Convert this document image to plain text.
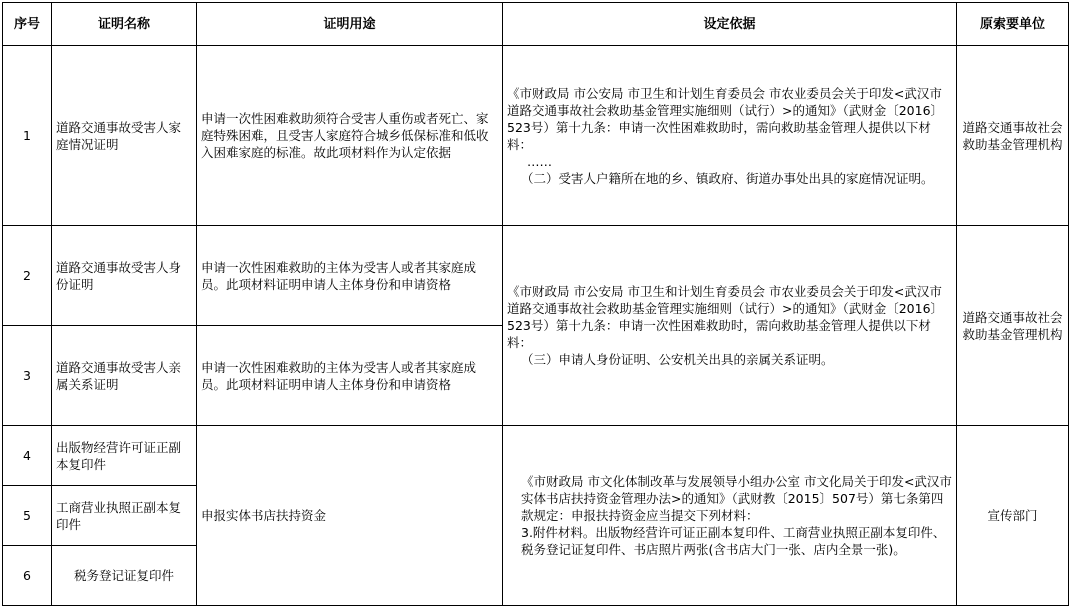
序号	证明名称	证明用途	设定依据	原索要单位
1	道路交通事故受害人家庭情况证明	申请一次性困难救助须符合受害人重伤或者死亡、家庭特殊困难，且受害人家庭符合城乡低保标准和低收入困难家庭的标准。故此项材料作为认定依据	《市财政局 市公安局 市卫生和计划生育委员会 市农业委员会关于印发<武汉市道路交通事故社会救助基金管理实施细则（试行）>的通知》（武财金〔2016〕523号）第十九条：申请一次性困难救助时，需向救助基金管理人提供以下材料：
……
（二）受害人户籍所在地的乡、镇政府、街道办事处出具的家庭情况证明。	道路交通事故社会救助基金管理机构
2	道路交通事故受害人身份证明	申请一次性困难救助的主体为受害人或者其家庭成员。此项材料证明申请人主体身份和申请资格	《市财政局 市公安局 市卫生和计划生育委员会 市农业委员会关于印发<武汉市道路交通事故社会救助基金管理实施细则（试行）>的通知》（武财金〔2016〕523号）第十九条：申请一次性困难救助时，需向救助基金管理人提供以下材料：
（三）申请人身份证明、公安机关出具的亲属关系证明。	道路交通事故社会救助基金管理机构
3	道路交通事故受害人亲属关系证明	申请一次性困难救助的主体为受害人或者其家庭成员。此项材料证明申请人主体身份和申请资格		
4	出版物经营许可证正副本复印件	申报实体书店扶持资金	《市财政局 市文化体制改革与发展领导小组办公室 市文化局关于印发<武汉市实体书店扶持资金管理办法>的通知》（武财教〔2015〕507号）第七条第四款规定：申报扶持资金应当提交下列材料：
3.附件材料。出版物经营许可证正副本复印件、工商营业执照正副本复印件、税务登记证复印件、书店照片两张(含书店大门一张、店内全景一张)。	宣传部门
5	工商营业执照正副本复印件			
6	税务登记证复印件			
